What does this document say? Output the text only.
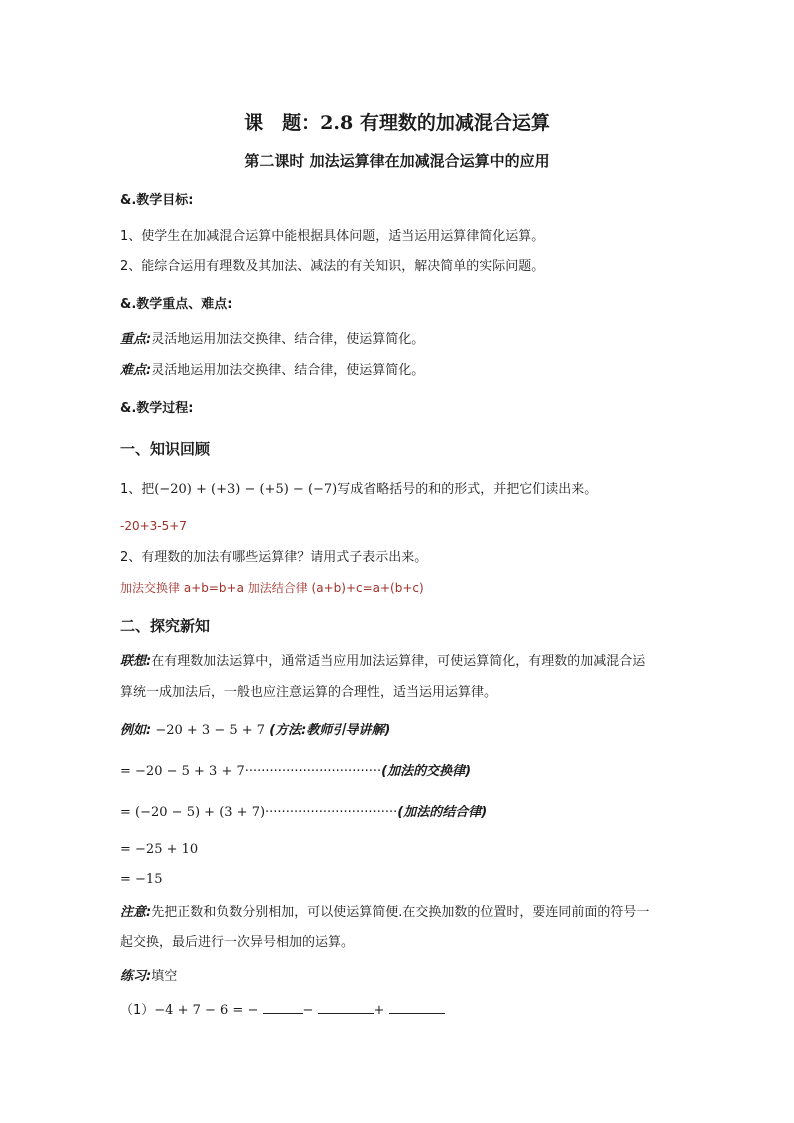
课　题：2.8 有理数的加减混合运算
第二课时 加法运算律在加减混合运算中的应用
&.教学目标:
1、使学生在加减混合运算中能根据具体问题，适当运用运算律简化运算。
2、能综合运用有理数及其加法、减法的有关知识，解决简单的实际问题。
&.教学重点、难点:
重点:灵活地运用加法交换律、结合律，使运算简化。
难点:灵活地运用加法交换律、结合律，使运算简化。
&.教学过程:
一、知识回顾
1、把(−20) + (+3) − (+5) − (−7)写成省略括号的和的形式，并把它们读出来。
-20+3-5+7
2、有理数的加法有哪些运算律？请用式子表示出来。
加法交换律 a+b=b+a 加法结合律 (a+b)+c=a+(b+c)
二、探究新知
联想:在有理数加法运算中，通常适当应用加法运算律，可使运算简化，有理数的加减混合运
算统一成加法后，一般也应注意运算的合理性，适当运用运算律。
例如: −20 + 3 − 5 + 7 (方法:教师引导讲解)
= −20 − 5 + 3 + 7·································(加法的交换律)
= (−20 − 5) + (3 + 7)································(加法的结合律)
= −25 + 10
= −15
注意:先把正数和负数分别相加，可以使运算简便.在交换加数的位置时，要连同前面的符号一
起交换，最后进行一次异号相加的运算。
练习:填空
（1）−4 + 7 − 6 = −	−	+
